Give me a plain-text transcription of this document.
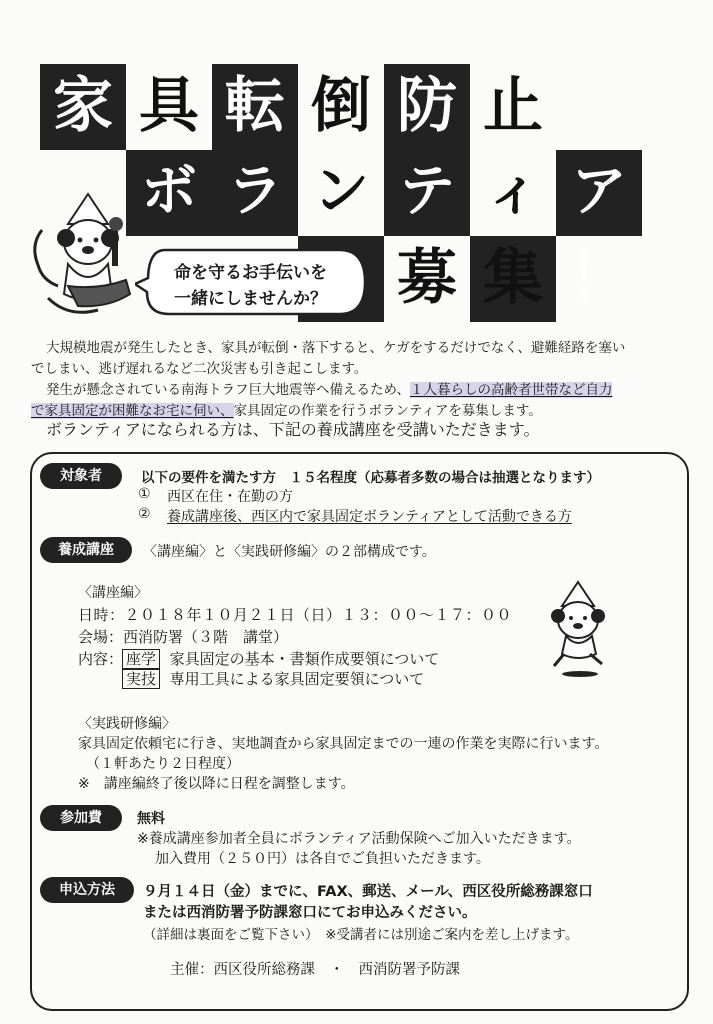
家 具 転 倒 防 止
ボ ラ ン テ ィ ア
募 集 ！
命を守るお手伝いを
一緒にしませんか？
大規模地震が発生したとき、家具が転倒・落下すると、ケガをするだけでなく、避難経路を塞い
でしまい、逃げ遅れるなど二次災害も引き起こします。
発生が懸念されている南海トラフ巨大地震等へ備えるため、１人暮らしの高齢者世帯など自力
で家具固定が困難なお宅に伺い、家具固定の作業を行うボランティアを募集します。
ボランティアになられる方は、下記の養成講座を受講いただきます。
対象者	以下の要件を満たす方　１５名程度（応募者多数の場合は抽選となります）
① 西区在住・在勤の方
② 養成講座後、西区内で家具固定ボランティアとして活動できる方
養成講座	〈講座編〉と〈実践研修編〉の２部構成です。
〈講座編〉
日時：２０１８年１０月２１日（日）１３：００～１７：００
会場：西消防署（３階　講堂）
内容： 座学 家具固定の基本・書類作成要領について
実技 専用工具による家具固定要領について
〈実践研修編〉
家具固定依頼宅に行き、実地調査から家具固定までの一連の作業を実際に行います。
（１軒あたり２日程度）
※　講座編終了後以降に日程を調整します。
参加費	無料
※養成講座参加者全員にボランティア活動保険へご加入いただきます。
加入費用（２５０円）は各自でご負担いただきます。
申込方法	９月１４日（金）までに、FAX、郵送、メール、西区役所総務課窓口
または西消防署予防課窓口にてお申込みください。
（詳細は裏面をご覧下さい）　※受講者には別途ご案内を差し上げます。
主催：西区役所総務課　・　西消防署予防課
